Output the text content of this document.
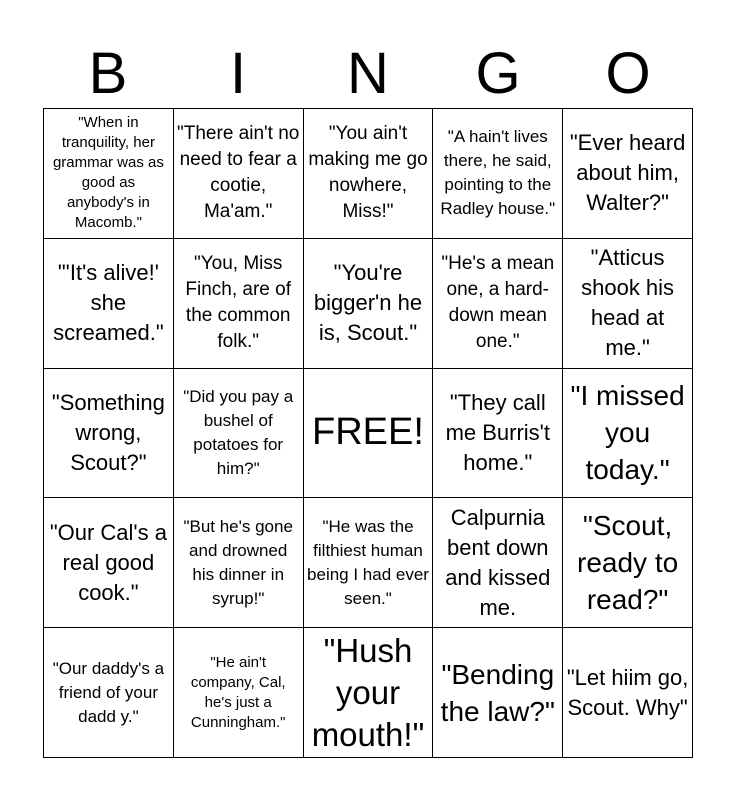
B	I	N	G	O
"When in tranquility, her grammar was as good as anybody's in Macomb."
"There ain't no need to fear a cootie, Ma'am."
"You ain't making me go nowhere, Miss!"
"A hain't lives there, he said, pointing to the Radley house."
"Ever heard about him, Walter?"
"'It's alive!' she screamed."
"You, Miss Finch, are of the common folk."
"You're bigger'n he is, Scout."
"He's a mean one, a hard-down mean one."
"Atticus shook his head at me."
"Something wrong, Scout?"
"Did you pay a bushel of potatoes for him?"
FREE!
"They call me Burris't home."
"I missed you today."
"Our Cal's a real good cook."
"But he's gone and drowned his dinner in syrup!"
"He was the filthiest human being I had ever seen."
Calpurnia bent down and kissed me.
"Scout, ready to read?"
"Our daddy's a friend of your dadd y."
"He ain't company, Cal, he's just a Cunningham."
"Hush your mouth!"
"Bending the law?"
"Let hiim go, Scout. Why"
